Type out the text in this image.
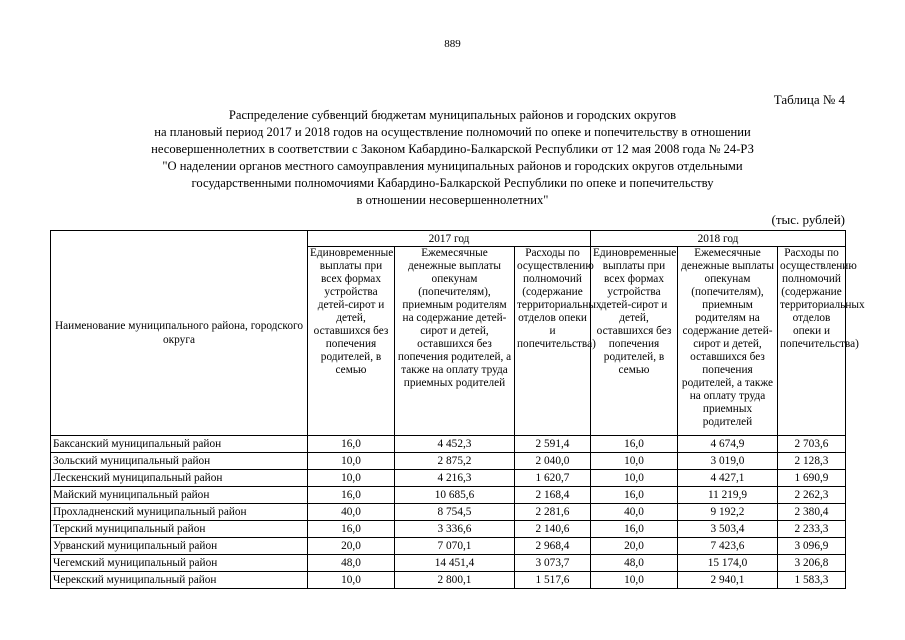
889
Таблица № 4
Распределение субвенций бюджетам муниципальных районов и городских округов
на плановый период 2017 и 2018 годов на осуществление полномочий по опеке и попечительству в отношении
несовершеннолетних в соответствии с Законом Кабардино-Балкарской Республики от 12 мая 2008 года № 24-РЗ
"О наделении органов местного самоуправления муниципальных районов и городских округов отдельными
государственными полномочиями Кабардино-Балкарской Республики по опеке и попечительству
в отношении несовершеннолетних"
(тыс. рублей)
Наименование муниципального района, городского округа	2017 год			2018 год		
	Единовременные выплаты при всех формах устройства детей-сирот и детей, оставшихся без попечения родителей, в семью	Ежемесячные денежные выплаты опекунам (попечителям), приемным родителям на содержание детей-сирот и детей, оставшихся без попечения родителей, а также на оплату труда приемных родителей	Расходы по осуществлению полномочий (содержание территориальных отделов опеки и попечительства)	Единовременные выплаты при всех формах устройства детей-сирот и детей, оставшихся без попечения родителей, в семью	Ежемесячные денежные выплаты опекунам (попечителям), приемным родителям на содержание детей-сирот и детей, оставшихся без попечения родителей, а также на оплату труда приемных родителей	Расходы по осуществлению полномочий (содержание территориальных отделов опеки и попечительства)
Баксанский муниципальный район	16,0	4 452,3	2 591,4	16,0	4 674,9	2 703,6
Зольский муниципальный район	10,0	2 875,2	2 040,0	10,0	3 019,0	2 128,3
Лескенский муниципальный район	10,0	4 216,3	1 620,7	10,0	4 427,1	1 690,9
Майский муниципальный район	16,0	10 685,6	2 168,4	16,0	11 219,9	2 262,3
Прохладненский муниципальный район	40,0	8 754,5	2 281,6	40,0	9 192,2	2 380,4
Терский муниципальный район	16,0	3 336,6	2 140,6	16,0	3 503,4	2 233,3
Урванский муниципальный район	20,0	7 070,1	2 968,4	20,0	7 423,6	3 096,9
Чегемский муниципальный район	48,0	14 451,4	3 073,7	48,0	15 174,0	3 206,8
Черекский муниципальный район	10,0	2 800,1	1 517,6	10,0	2 940,1	1 583,3
